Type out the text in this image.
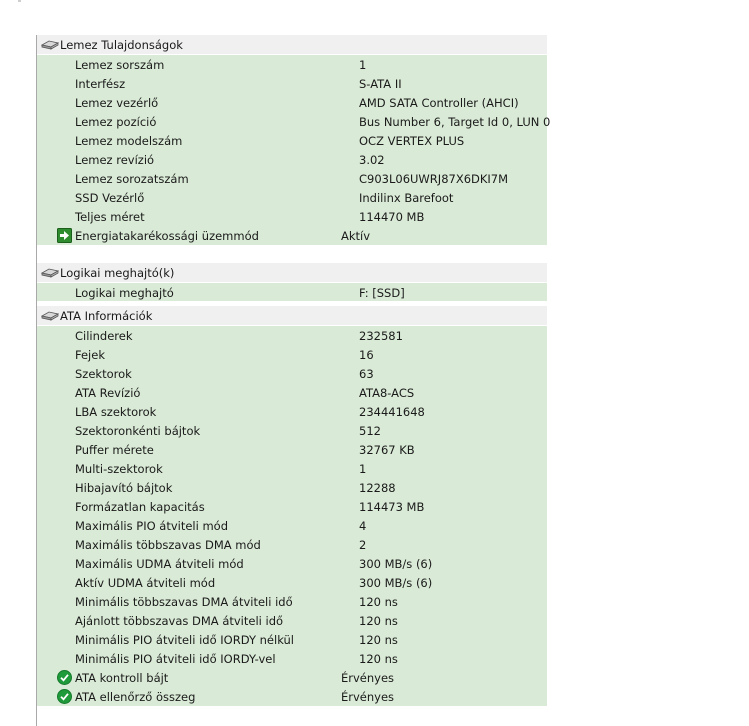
Lemez Tulajdonságok
Lemez sorszám	1
Interfész	S-ATA II
Lemez vezérlő	AMD SATA Controller (AHCI)
Lemez pozíció	Bus Number 6, Target Id 0, LUN 0
Lemez modelszám	OCZ VERTEX PLUS
Lemez revízió	3.02
Lemez sorozatszám	C903L06UWRJ87X6DKI7M
SSD Vezérlő	Indilinx Barefoot
Teljes méret	114470 MB
Energiatakarékossági üzemmód	Aktív
Logikai meghajtó(k)
Logikai meghajtó	F: [SSD]
ATA Információk
Cilinderek	232581
Fejek	16
Szektorok	63
ATA Revízió	ATA8-ACS
LBA szektorok	234441648
Szektoronkénti bájtok	512
Puffer mérete	32767 KB
Multi-szektorok	1
Hibajavító bájtok	12288
Formázatlan kapacitás	114473 MB
Maximális PIO átviteli mód	4
Maximális többszavas DMA mód	2
Maximális UDMA átviteli mód	300 MB/s (6)
Aktív UDMA átviteli mód	300 MB/s (6)
Minimális többszavas DMA átviteli idő	120 ns
Ajánlott többszavas DMA átviteli idő	120 ns
Minimális PIO átviteli idő IORDY nélkül	120 ns
Minimális PIO átviteli idő IORDY-vel	120 ns
ATA kontroll bájt	Érvényes
ATA ellenőrző összeg	Érvényes
